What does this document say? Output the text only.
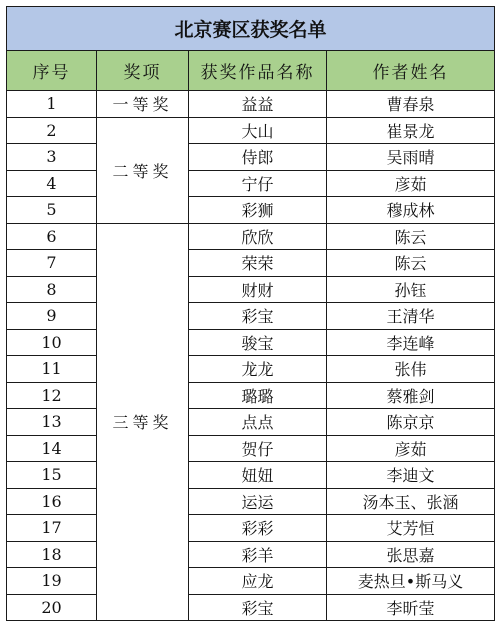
北京赛区获奖名单			
序号	奖项	获奖作品名称	作者姓名
1	一等奖	益益	曹春泉
2	二等奖	大山	崔景龙
3		侍郎	吴雨晴
4		宁仔	彦茹
5		彩狮	穆成林
6	三等奖	欣欣	陈云
7		荣荣	陈云
8		财财	孙钰
9		彩宝	王清华
10		骏宝	李连峰
11		龙龙	张伟
12		璐璐	蔡雅剑
13		点点	陈京京
14		贺仔	彦茹
15		妞妞	李迪文
16		运运	汤本玉、张涵
17		彩彩	艾芳恒
18		彩羊	张思嘉
19		应龙	麦热旦•斯马义
20		彩宝	李昕莹
